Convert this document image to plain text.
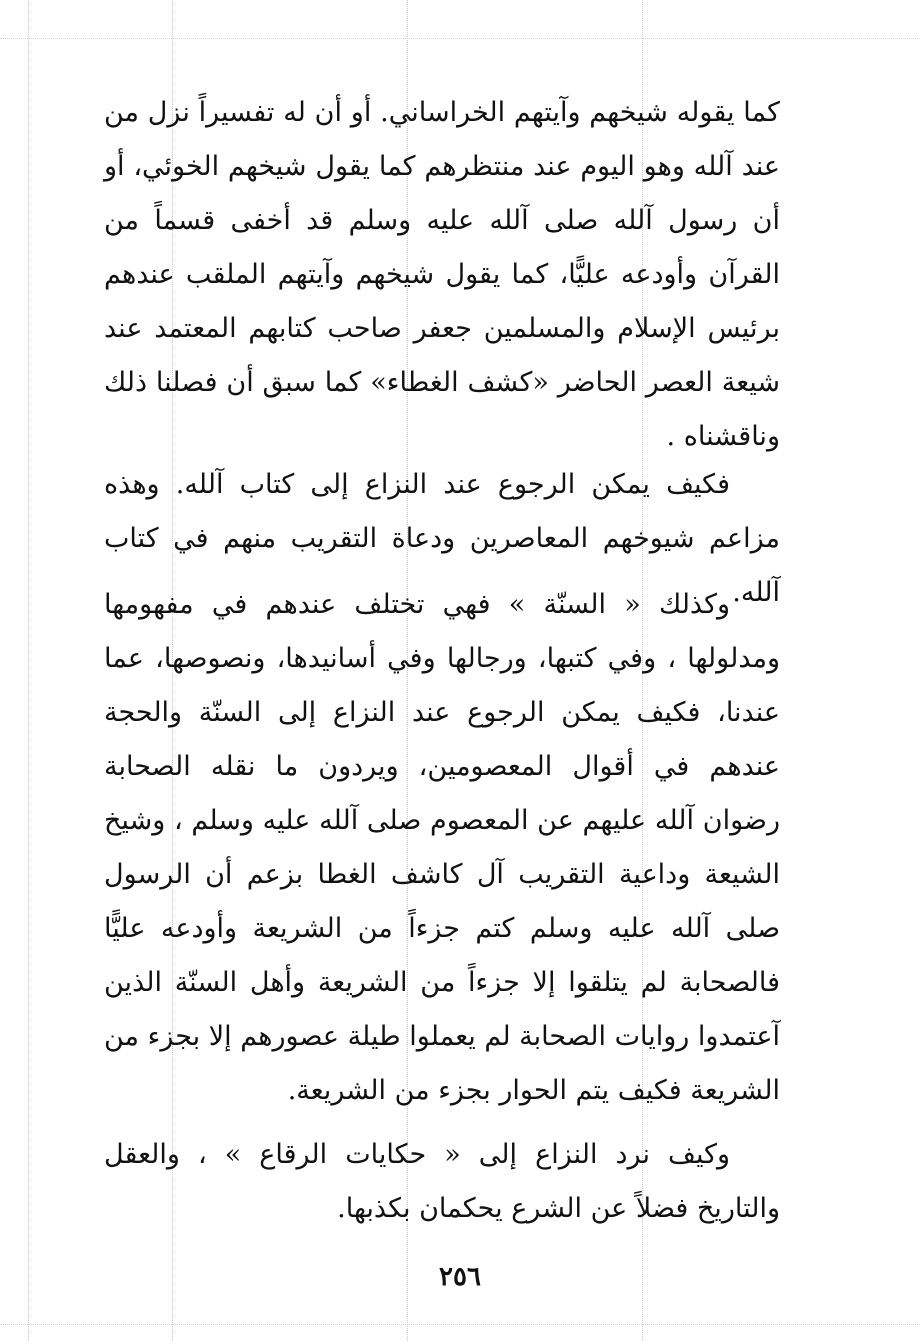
كما يقوله شيخهم وآيتهم الخراساني. أو أن له تفسيراً نزل من عند آلله وهو اليوم عند منتظرهم كما يقول شيخهم الخوئي، أو أن رسول آلله صلى آلله عليه وسلم قد أخفى قسماً من القرآن وأودعه عليًّا، كما يقول شيخهم وآيتهم الملقب عندهم برئيس الإسلام والمسلمين جعفر صاحب كتابهم المعتمد عند شيعة العصر الحاضر «كشف الغطاء» كما سبق أن فصلنا ذلك وناقشناه .

فكيف يمكن الرجوع عند النزاع إلى كتاب آلله. وهذه مزاعم شيوخهم المعاصرين ودعاة التقريب منهم في كتاب آلله.

وكذلك « السنّة » فهي تختلف عندهم في مفهومها ومدلولها ، وفي كتبها، ورجالها وفي أسانيدها، ونصوصها، عما عندنا، فكيف يمكن الرجوع عند النزاع إلى السنّة والحجة عندهم في أقوال المعصومين، ويردون ما نقله الصحابة رضوان آلله عليهم عن المعصوم صلى آلله عليه وسلم ، وشيخ الشيعة وداعية التقريب آل كاشف الغطا بزعم أن الرسول صلى آلله عليه وسلم كتم جزءاً من الشريعة وأودعه عليًّا فالصحابة لم يتلقوا إلا جزءاً من الشريعة وأهل السنّة الذين آعتمدوا روايات الصحابة لم يعملوا طيلة عصورهم إلا بجزء من الشريعة فكيف يتم الحوار بجزء من الشريعة.

وكيف نرد النزاع إلى « حكايات الرقاع » ، والعقل والتاريخ فضلاً عن الشرع يحكمان بكذبها.

٢٥٦
